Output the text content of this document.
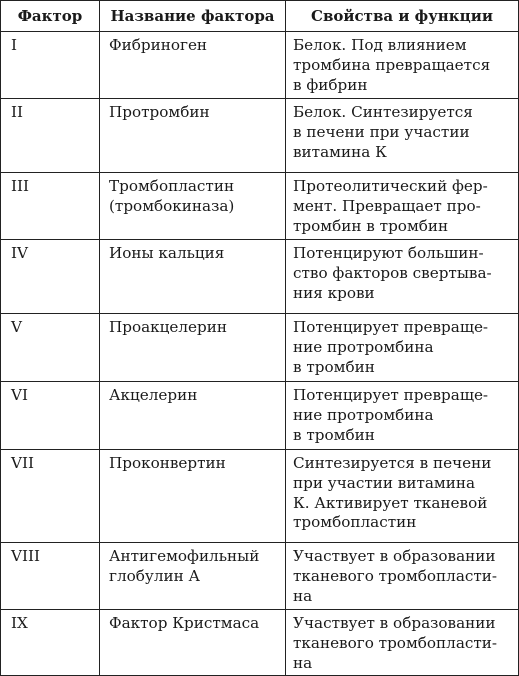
Фактор	Название фактора	Свойства и функции
I	Фибриноген	Белок. Под влиянием
тромбина превращается
в фибрин

II	Протромбин	Белок. Синтезируется
в печени при участии
витамина К

III	Тромбопластин
(тромбокиназа)	Протеолитический фер-
мент. Превращает про-
тромбин в тромбин

IV	Ионы кальция	Потенцируют большин-
ство факторов свертыва-
ния крови

V	Проакцелерин	Потенцирует превраще-
ние протромбина
в тромбин

VI	Акцелерин	Потенцирует превраще-
ние протромбина
в тромбин

VII	Проконвертин	Синтезируется в печени
при участии витамина
К. Активирует тканевой
тромбопластин

VIII	Антигемофильный
глобулин А	Участвует в образовании
тканевого тромбопласти-
на

IX	Фактор Кристмаса	Участвует в образовании
тканевого тромбопласти-
на
